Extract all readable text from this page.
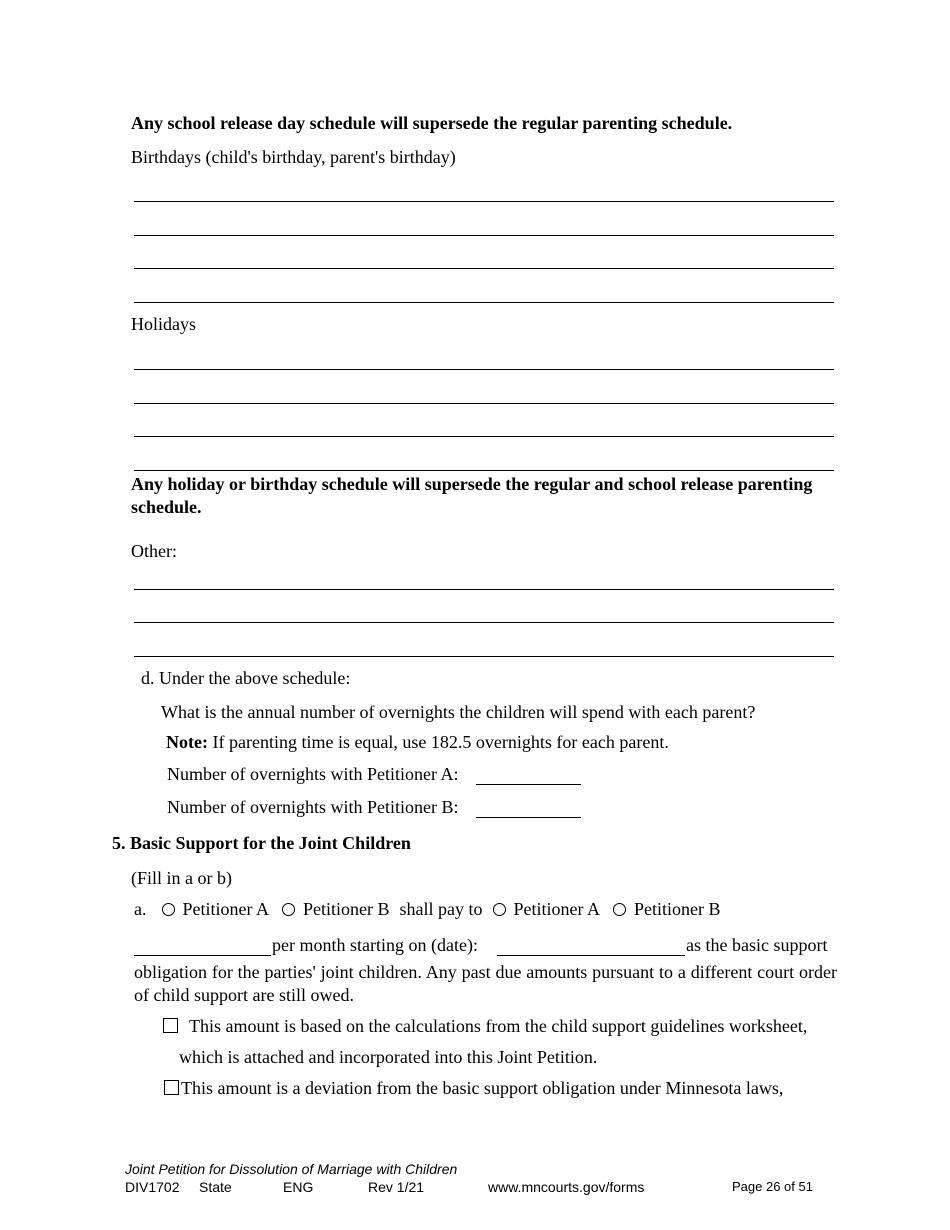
Any school release day schedule will supersede the regular parenting schedule.
Birthdays (child's birthday, parent's birthday)
Holidays
Any holiday or birthday schedule will supersede the regular and school release parenting schedule.
Other:
d. Under the above schedule:
What is the annual number of overnights the children will spend with each parent?
Note: If parenting time is equal, use 182.5 overnights for each parent.
Number of overnights with Petitioner A:
Number of overnights with Petitioner B:
5. Basic Support for the Joint Children
(Fill in a or b)
a. Petitioner A Petitioner B shall pay to Petitioner A Petitioner B
per month starting on (date):	as the basic support
obligation for the parties' joint children. Any past due amounts pursuant to a different court order of child support are still owed.
This amount is based on the calculations from the child support guidelines worksheet,
which is attached and incorporated into this Joint Petition.
This amount is a deviation from the basic support obligation under Minnesota laws,
Joint Petition for Dissolution of Marriage with Children
DIV1702 State	ENG	Rev 1/21	www.mncourts.gov/forms	Page 26 of 51
